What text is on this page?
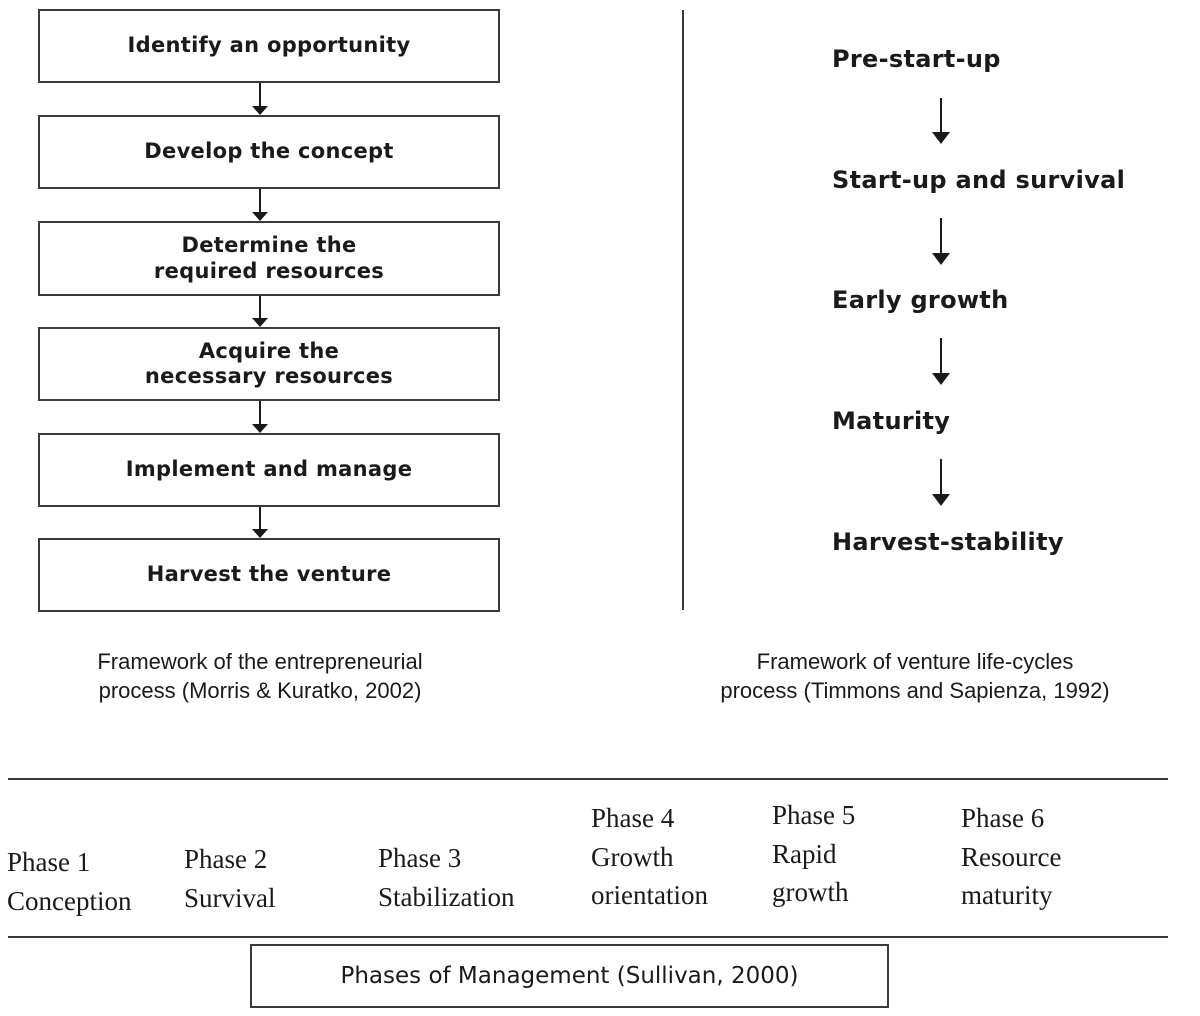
Identify an opportunity
Develop the concept
Determine the
required resources
Acquire the
necessary resources
Implement and manage
Harvest the venture
Framework of the entrepreneurial
process (Morris & Kuratko, 2002)
Pre-start-up
Start-up and survival
Early growth
Maturity
Harvest-stability
Framework of venture life-cycles
process (Timmons and Sapienza, 1992)
Phase 1
Conception
Phase 2
Survival
Phase 3
Stabilization
Phase 4
Growth
orientation
Phase 5
Rapid
growth
Phase 6
Resource
maturity
Phases of Management (Sullivan, 2000)
